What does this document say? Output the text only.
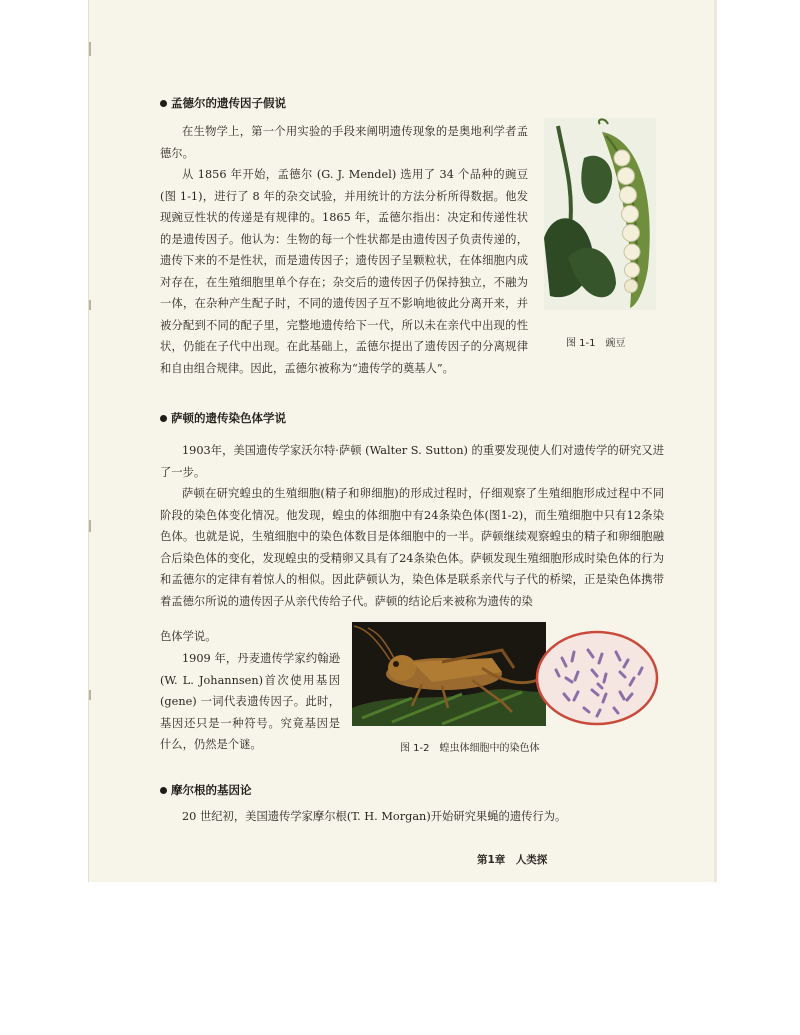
孟德尔的遗传因子假说

在生物学上，第一个用实验的手段来阐明遗传现象的是奥地利学者孟德尔。

从 1856 年开始，孟德尔 (G. J. Mendel) 选用了 34 个品种的豌豆 (图 1-1)，进行了 8 年的杂交试验，并用统计的方法分析所得数据。他发现豌豆性状的传递是有规律的。1865 年，孟德尔指出：决定和传递性状的是遗传因子。他认为：生物的每一个性状都是由遗传因子负责传递的，遗传下来的不是性状，而是遗传因子；遗传因子呈颗粒状，在体细胞内成对存在，在生殖细胞里单个存在；杂交后的遗传因子仍保持独立，不融为一体，在杂种产生配子时，不同的遗传因子互不影响地彼此分离开来，并被分配到不同的配子里，完整地遗传给下一代，所以未在亲代中出现的性状，仍能在子代中出现。在此基础上，孟德尔提出了遗传因子的分离规律和自由组合规律。因此，孟德尔被称为“遗传学的奠基人”。

图 1-1 豌豆
萨顿的遗传染色体学说

1903年，美国遗传学家沃尔特·萨顿 (Walter S. Sutton) 的重要发现使人们对遗传学的研究又进了一步。

萨顿在研究蝗虫的生殖细胞(精子和卵细胞)的形成过程时，仔细观察了生殖细胞形成过程中不同阶段的染色体变化情况。他发现，蝗虫的体细胞中有24条染色体(图1-2)，而生殖细胞中只有12条染色体。也就是说，生殖细胞中的染色体数目是体细胞中的一半。萨顿继续观察蝗虫的精子和卵细胞融合后染色体的变化，发现蝗虫的受精卵又具有了24条染色体。萨顿发现生殖细胞形成时染色体的行为和孟德尔的定律有着惊人的相似。因此萨顿认为，染色体是联系亲代与子代的桥梁，正是染色体携带着孟德尔所说的遗传因子从亲代传给子代。萨顿的结论后来被称为遗传的染

色体学说。

1909 年，丹麦遗传学家约翰逊(W. L. Johannsen)首次使用基因 (gene) 一词代表遗传因子。此时，基因还只是一种符号。究竟基因是什么，仍然是个谜。	图 1-2 蝗虫体细胞中的染色体
摩尔根的基因论

20 世纪初，美国遗传学家摩尔根(T. H. Morgan)开始研究果蝇的遗传行为。

第1章　人类探
